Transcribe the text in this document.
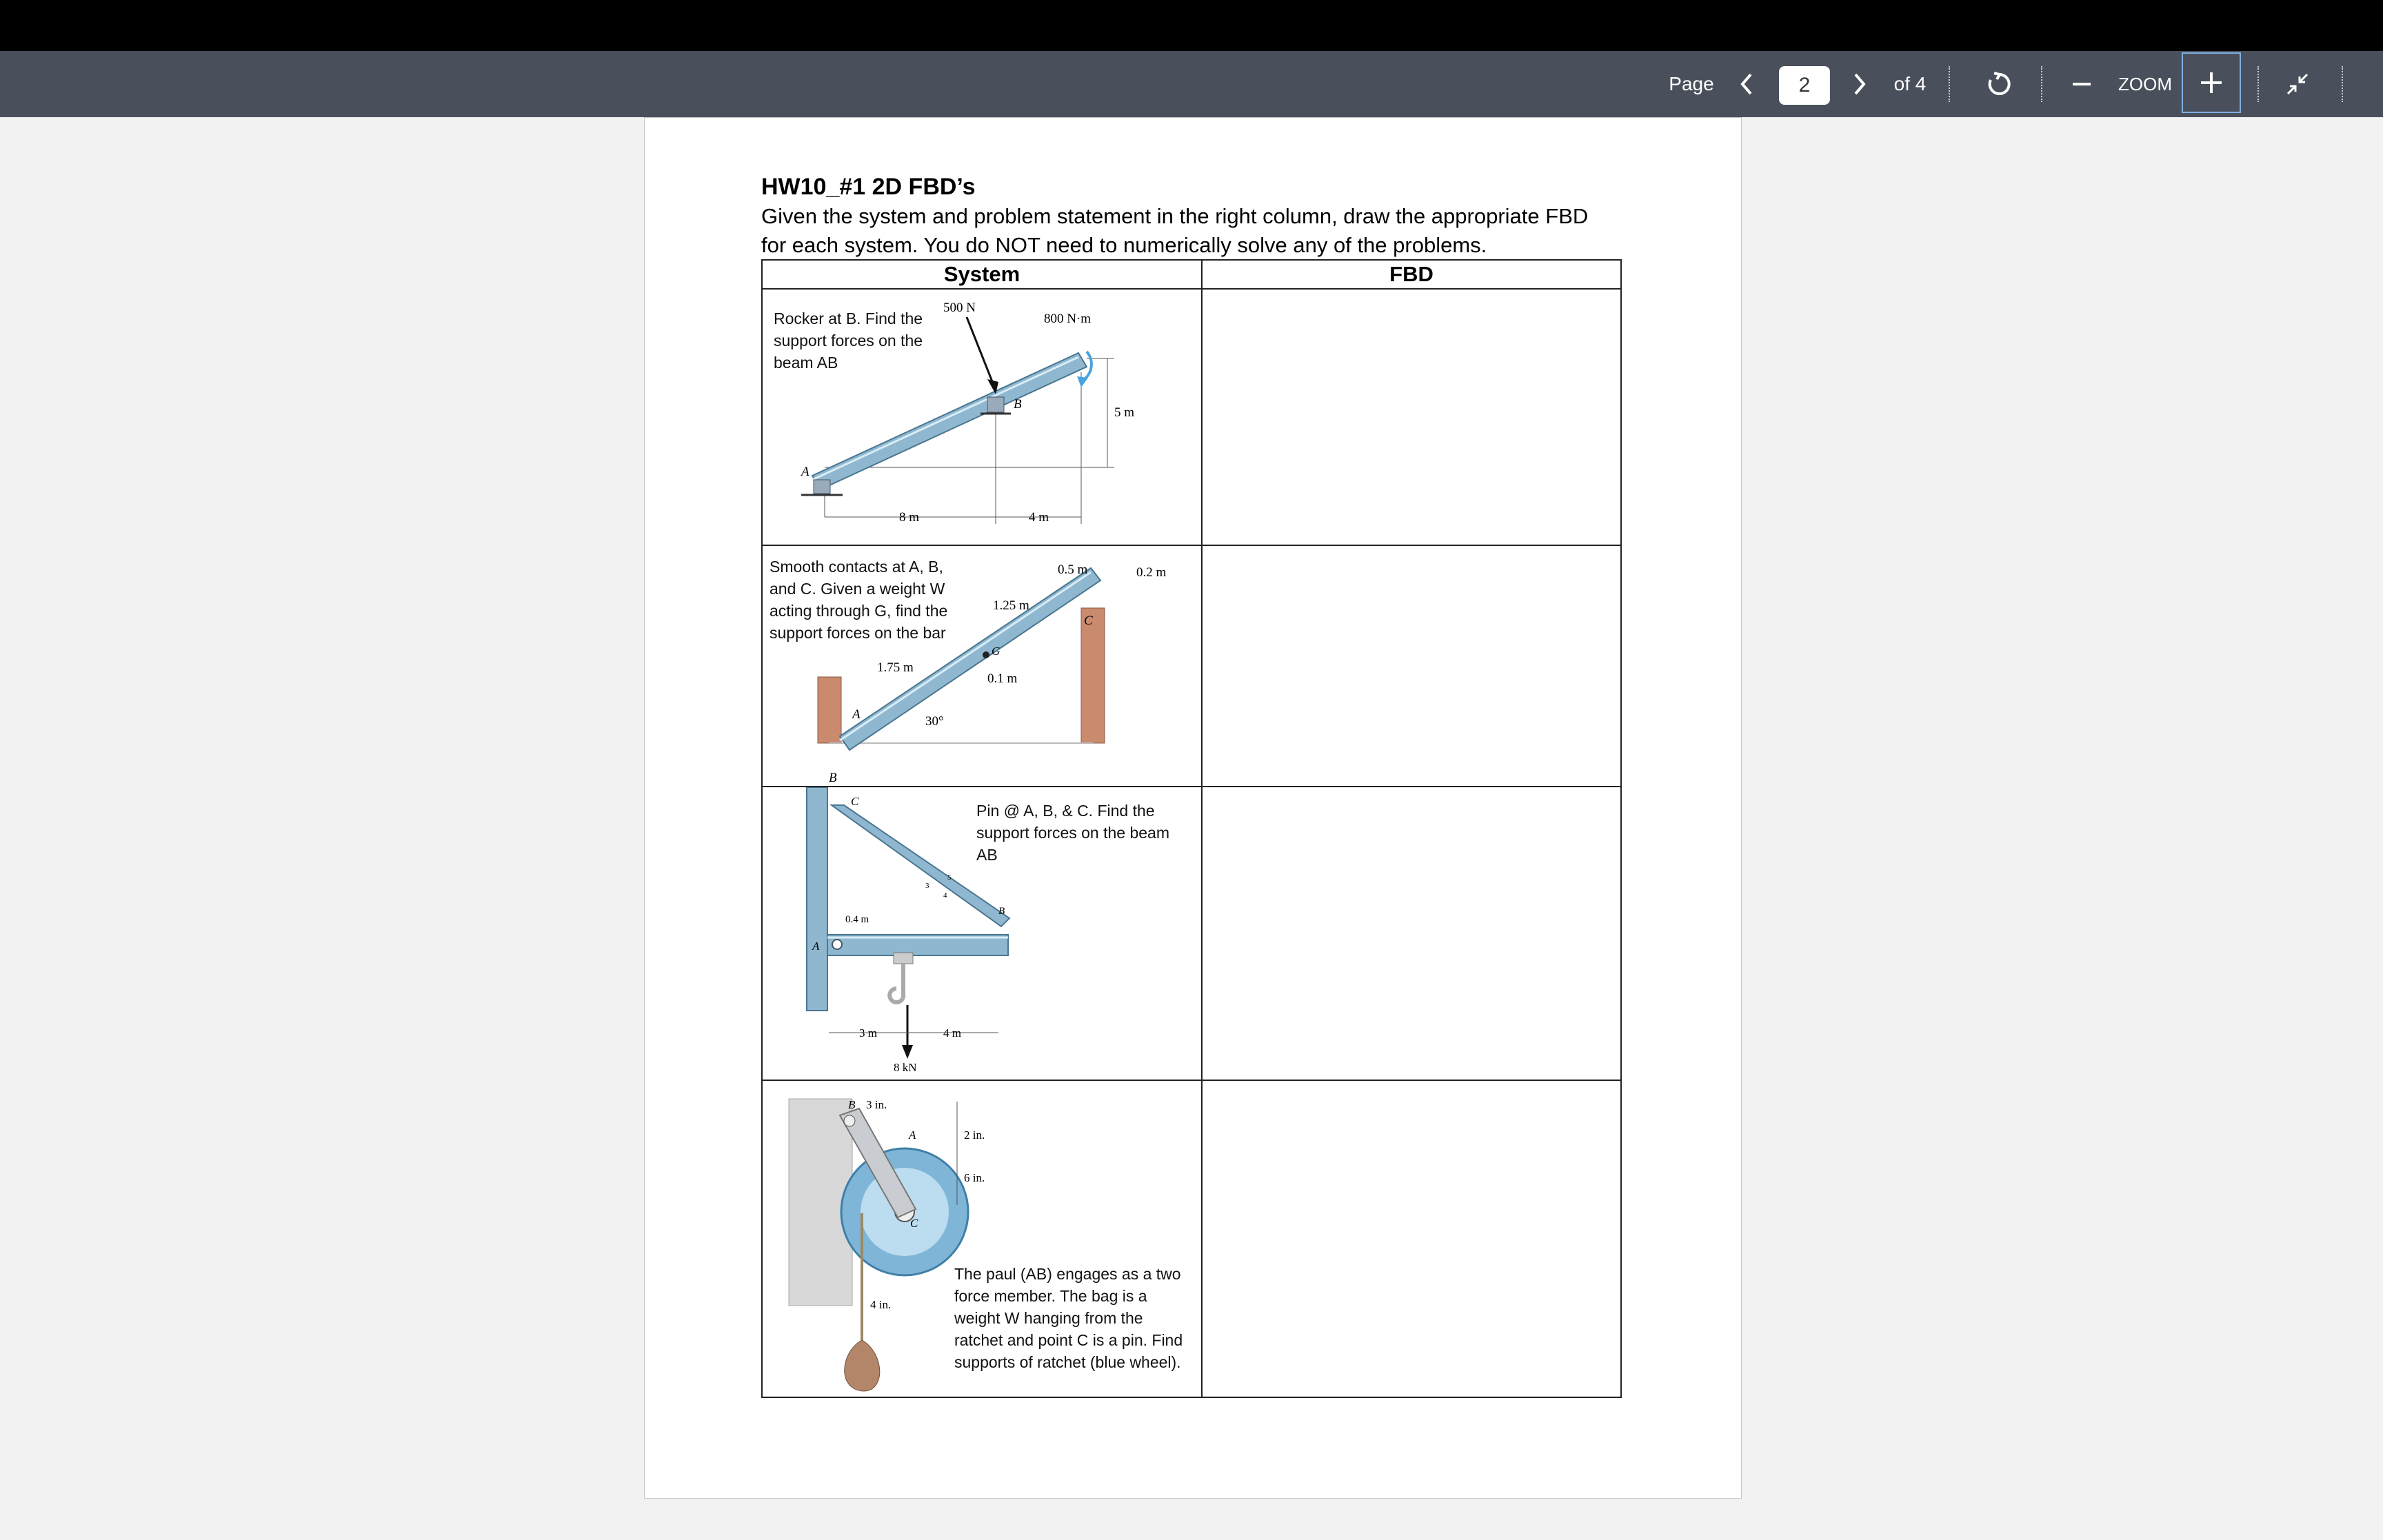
Page
2	of 4	ZOOM
HW10_#1 2D FBD’s
Given the system and problem statement in the right column, draw the appropriate FBD
for each system. You do NOT need to numerically solve any of the problems.
System	FBD
Rocker at B. Find the
support forces on the
beam AB
8 m	4 m
5 m
A
B
500 N
800 N·m
Smooth contacts at A, B,
and C. Given a weight W
acting through G, find the
support forces on the bar
A
B
C
G
0.5 m	0.2 m
1.25 m
1.75 m
0.1 m
30°
Pin @ A, B, & C. Find the
support forces on the beam
AB
8 kN
3 m	4 m
0.4 m
C
B
A
3
4
5
The paul (AB) engages as a two
force member. The bag is a
weight W hanging from the
ratchet and point C is a pin. Find
supports of ratchet (blue wheel).
B
A
C
3 in.
2 in.
6 in.
4 in.
